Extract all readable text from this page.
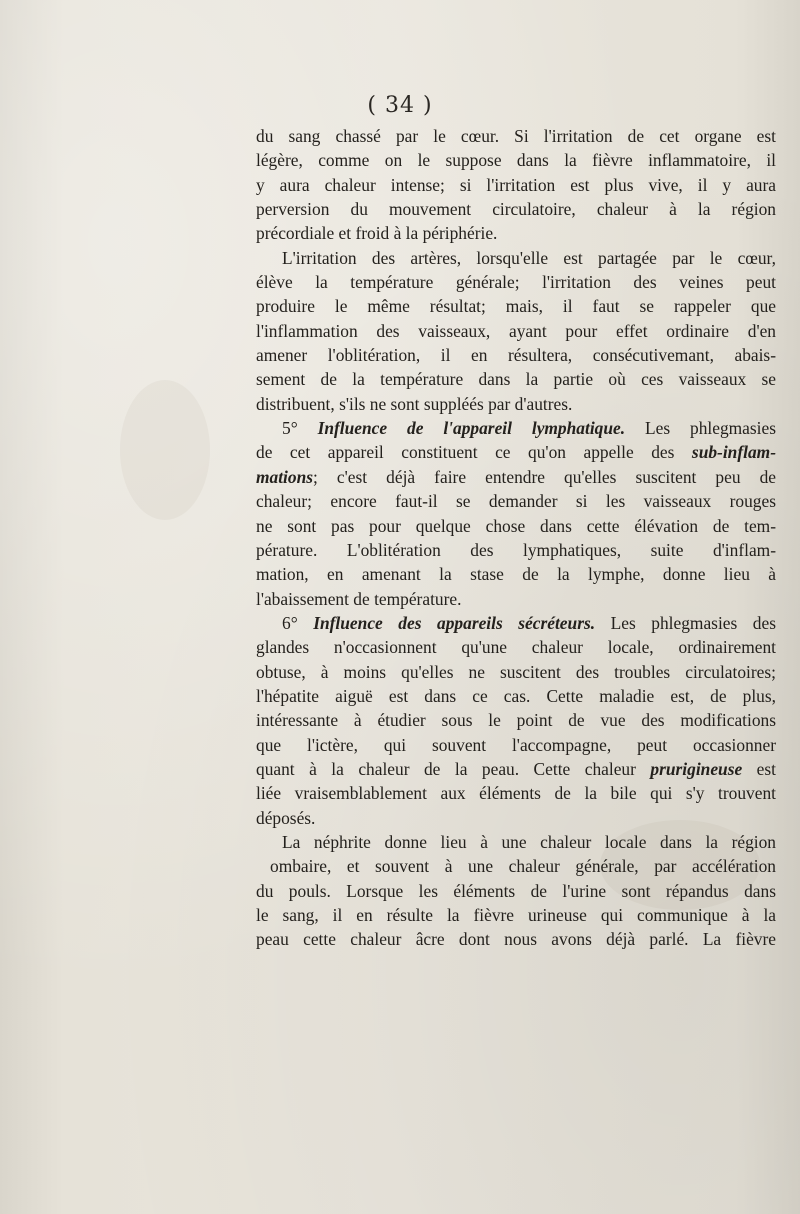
( 34 )
du sang chassé par le cœur. Si l'irritation de cet organe est
légère, comme on le suppose dans la fièvre inflammatoire, il
y aura chaleur intense; si l'irritation est plus vive, il y aura
perversion du mouvement circulatoire, chaleur à la région
précordiale et froid à la périphérie.
L'irritation des artères, lorsqu'elle est partagée par le cœur,
élève la température générale; l'irritation des veines peut
produire le même résultat; mais, il faut se rappeler que
l'inflammation des vaisseaux, ayant pour effet ordinaire d'en
amener l'oblitération, il en résultera, consécutivemant, abais-
sement de la température dans la partie où ces vaisseaux se
distribuent, s'ils ne sont suppléés par d'autres.
5° Influence de l'appareil lymphatique. Les phlegmasies
de cet appareil constituent ce qu'on appelle des sub-inflam-
mations; c'est déjà faire entendre qu'elles suscitent peu de
chaleur; encore faut-il se demander si les vaisseaux rouges
ne sont pas pour quelque chose dans cette élévation de tem-
pérature. L'oblitération des lymphatiques, suite d'inflam-
mation, en amenant la stase de la lymphe, donne lieu à
l'abaissement de température.
6° Influence des appareils sécréteurs. Les phlegmasies des
glandes n'occasionnent qu'une chaleur locale, ordinairement
obtuse, à moins qu'elles ne suscitent des troubles circulatoires;
l'hépatite aiguë est dans ce cas. Cette maladie est, de plus,
intéressante à étudier sous le point de vue des modifications
que l'ictère, qui souvent l'accompagne, peut occasionner
quant à la chaleur de la peau. Cette chaleur prurigineuse est
liée vraisemblablement aux éléments de la bile qui s'y trouvent
déposés.
La néphrite donne lieu à une chaleur locale dans la région
ombaire, et souvent à une chaleur générale, par accélération
du pouls. Lorsque les éléments de l'urine sont répandus dans
le sang, il en résulte la fièvre urineuse qui communique à la
peau cette chaleur âcre dont nous avons déjà parlé. La fièvre
